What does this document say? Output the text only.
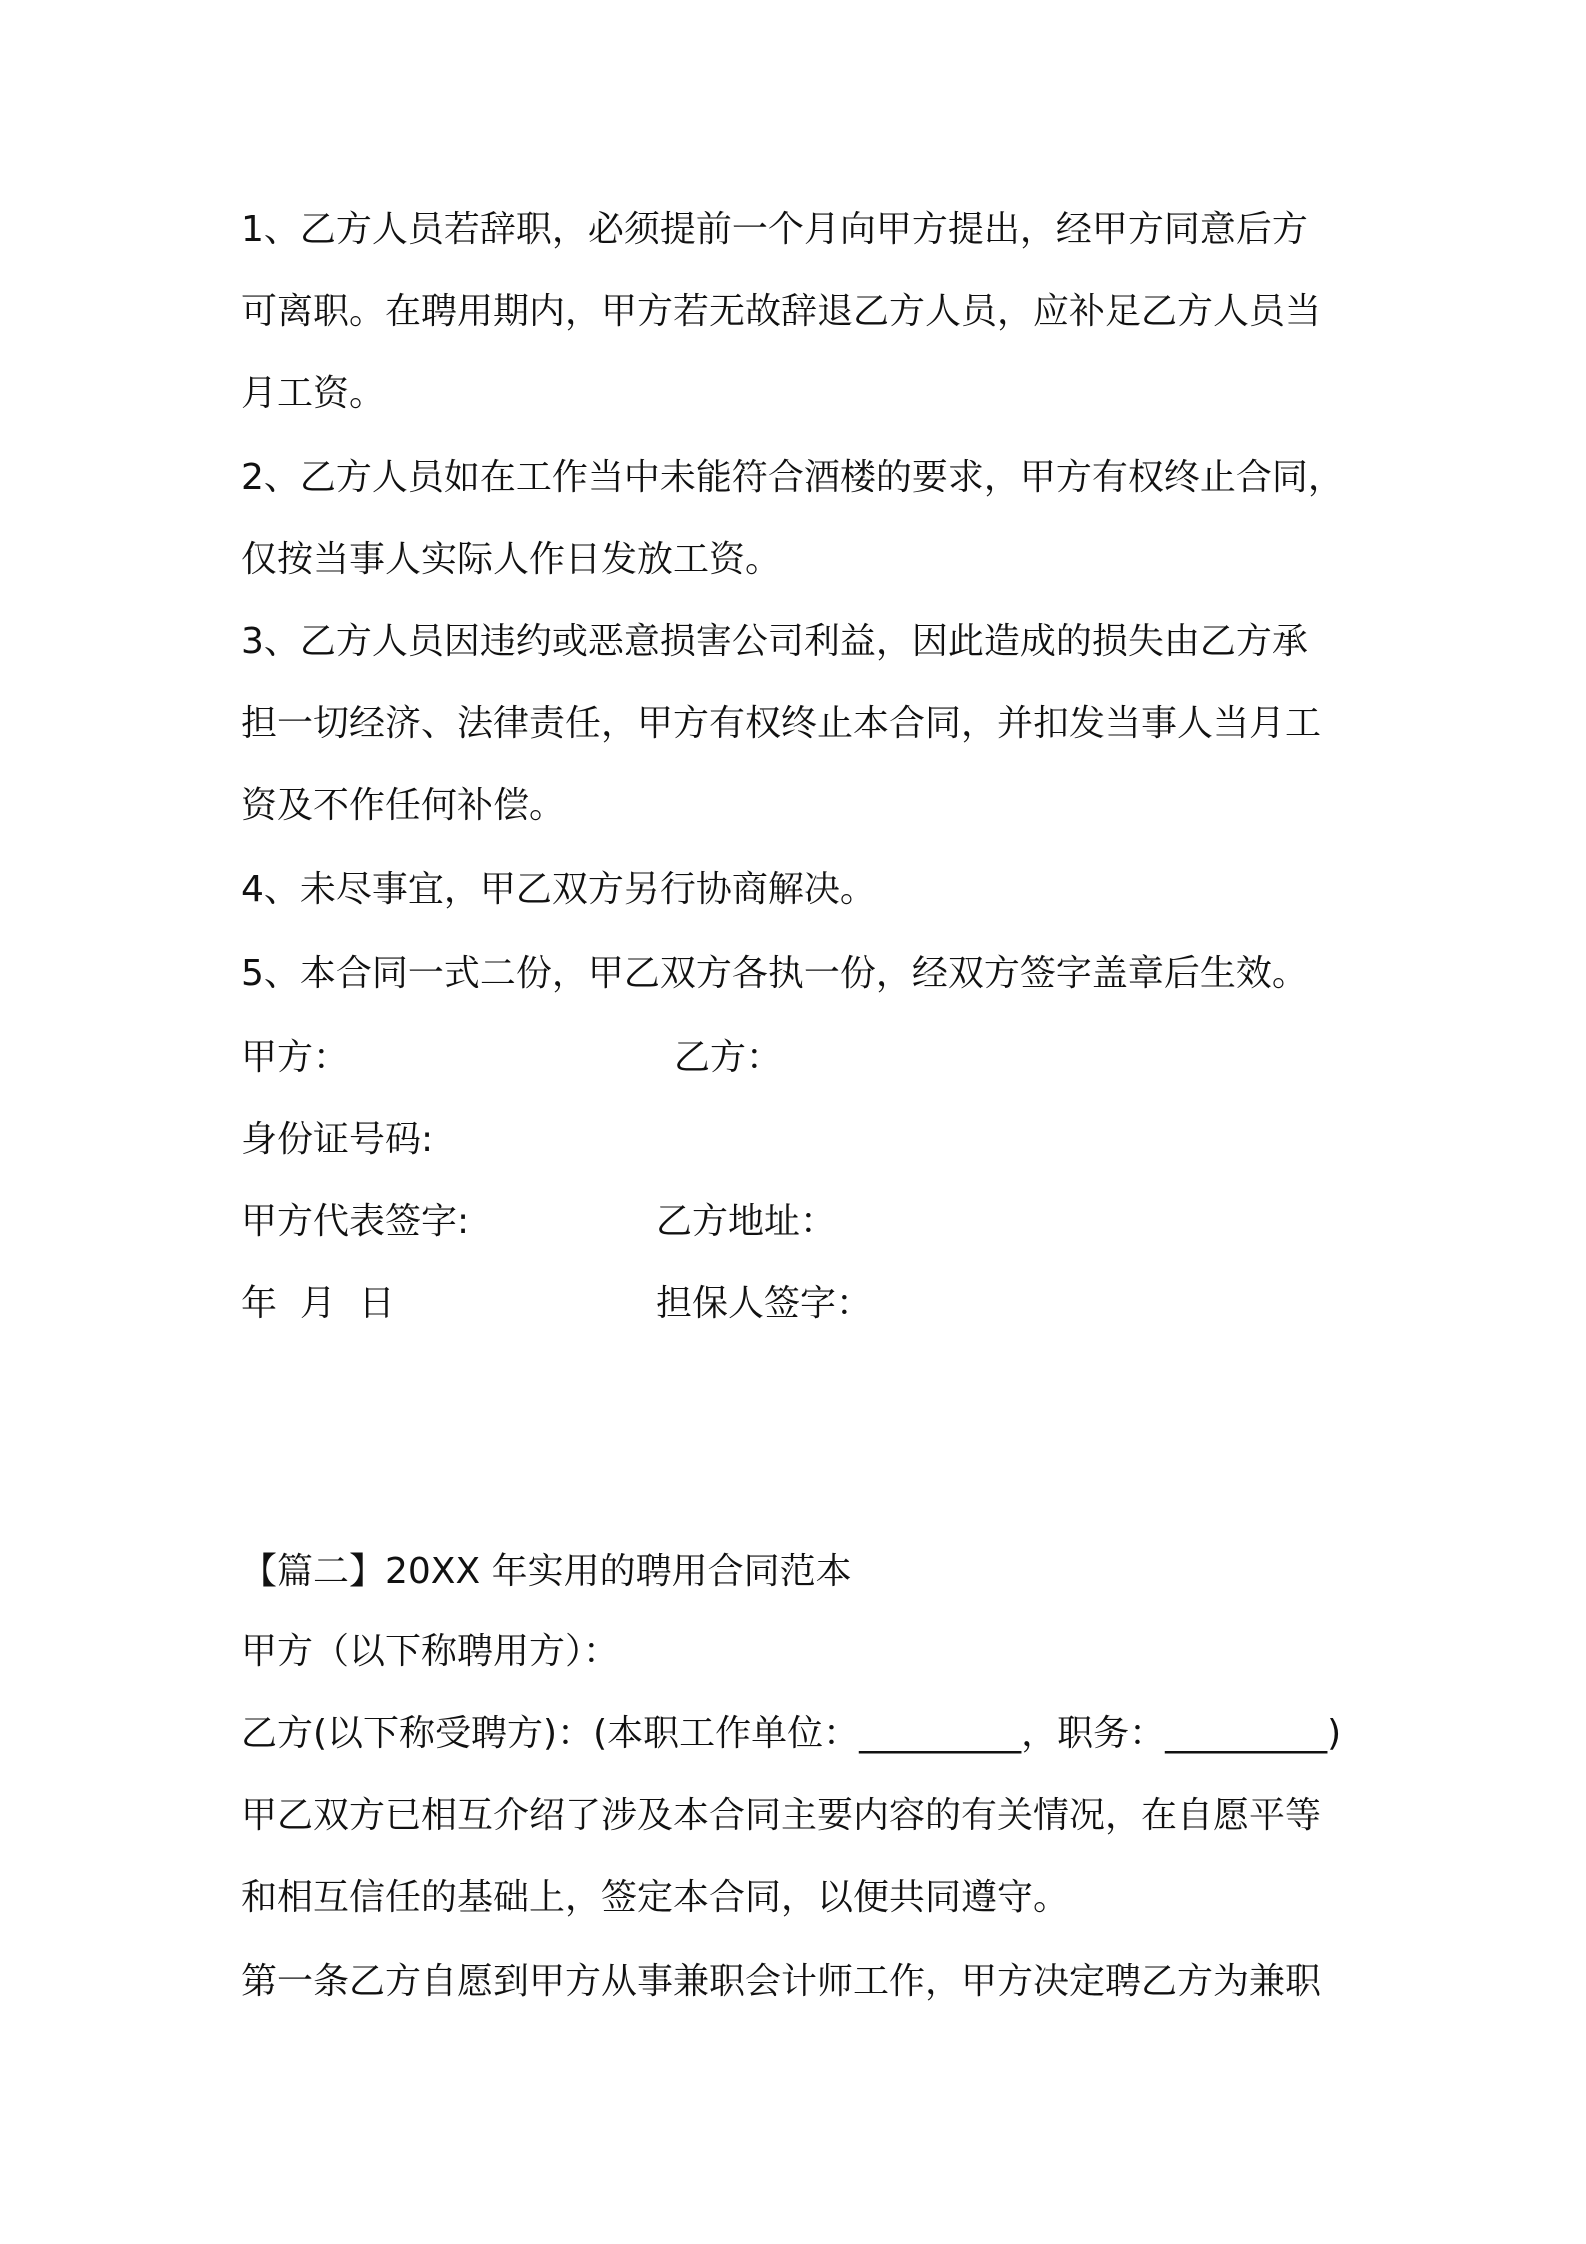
1、乙方人员若辞职，必须提前一个月向甲方提出，经甲方同意后方

可离职。在聘用期内，甲方若无故辞退乙方人员，应补足乙方人员当

月工资。

2、乙方人员如在工作当中未能符合酒楼的要求，甲方有权终止合同，

仅按当事人实际人作日发放工资。

3、乙方人员因违约或恶意损害公司利益，因此造成的损失由乙方承

担一切经济、法律责任，甲方有权终止本合同，并扣发当事人当月工

资及不作任何补偿。

4、未尽事宜，甲乙双方另行协商解决。

5、本合同一式二份，甲乙双方各执一份，经双方签字盖章后生效。

甲方：	乙方：

身份证号码:

甲方代表签字:	乙方地址：

年  月  日	担保人签字：

【篇二】20XX 年实用的聘用合同范本

甲方（以下称聘用方）：

乙方(以下称受聘方)：(本职工作单位：_________，职务：_________)

甲乙双方已相互介绍了涉及本合同主要内容的有关情况，在自愿平等

和相互信任的基础上，签定本合同，以便共同遵守。

第一条乙方自愿到甲方从事兼职会计师工作，甲方决定聘乙方为兼职
